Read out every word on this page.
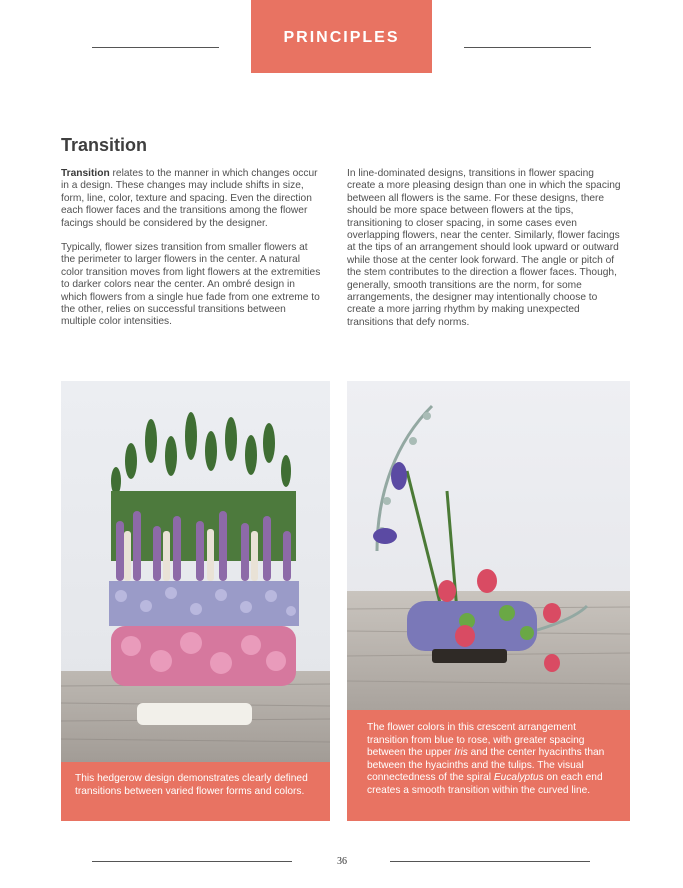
PRINCIPLES
Transition

Transition relates to the manner in which changes occur in a design. These changes may include shifts in size, form, line, color, texture and spacing. Even the direction each flower faces and the transitions among the flower facings should be considered by the designer.

Typically, flower sizes transition from smaller flowers at the perimeter to larger flowers in the center. A natural color transition moves from light flowers at the extremities to darker colors near the center. An ombré design in which flowers from a single hue fade from one extreme to the other, relies on successful transitions between multiple color intensities.

In line-dominated designs, transitions in flower spacing create a more pleasing design than one in which the spacing between all flowers is the same. For these designs, there should be more space between flowers at the tips, transitioning to closer spacing, in some cases even overlapping flowers, near the center. Similarly, flower facings at the tips of an arrangement should look upward or outward while those at the center look forward. The angle or pitch of the stem contributes to the direction a flower faces. Though, generally, smooth transitions are the norm, for some arrangements, the designer may intentionally choose to create a more jarring rhythm by making unexpected transitions that defy norms.

This hedgerow design demonstrates clearly defined transitions between varied flower forms and colors.
The flower colors in this crescent arrangement transition from blue to rose, with greater spacing between the upper Iris and the center hyacinths than between the hyacinths and the tulips. The visual connectedness of the spiral Eucalyptus on each end creates a smooth transition within the curved line.
36
